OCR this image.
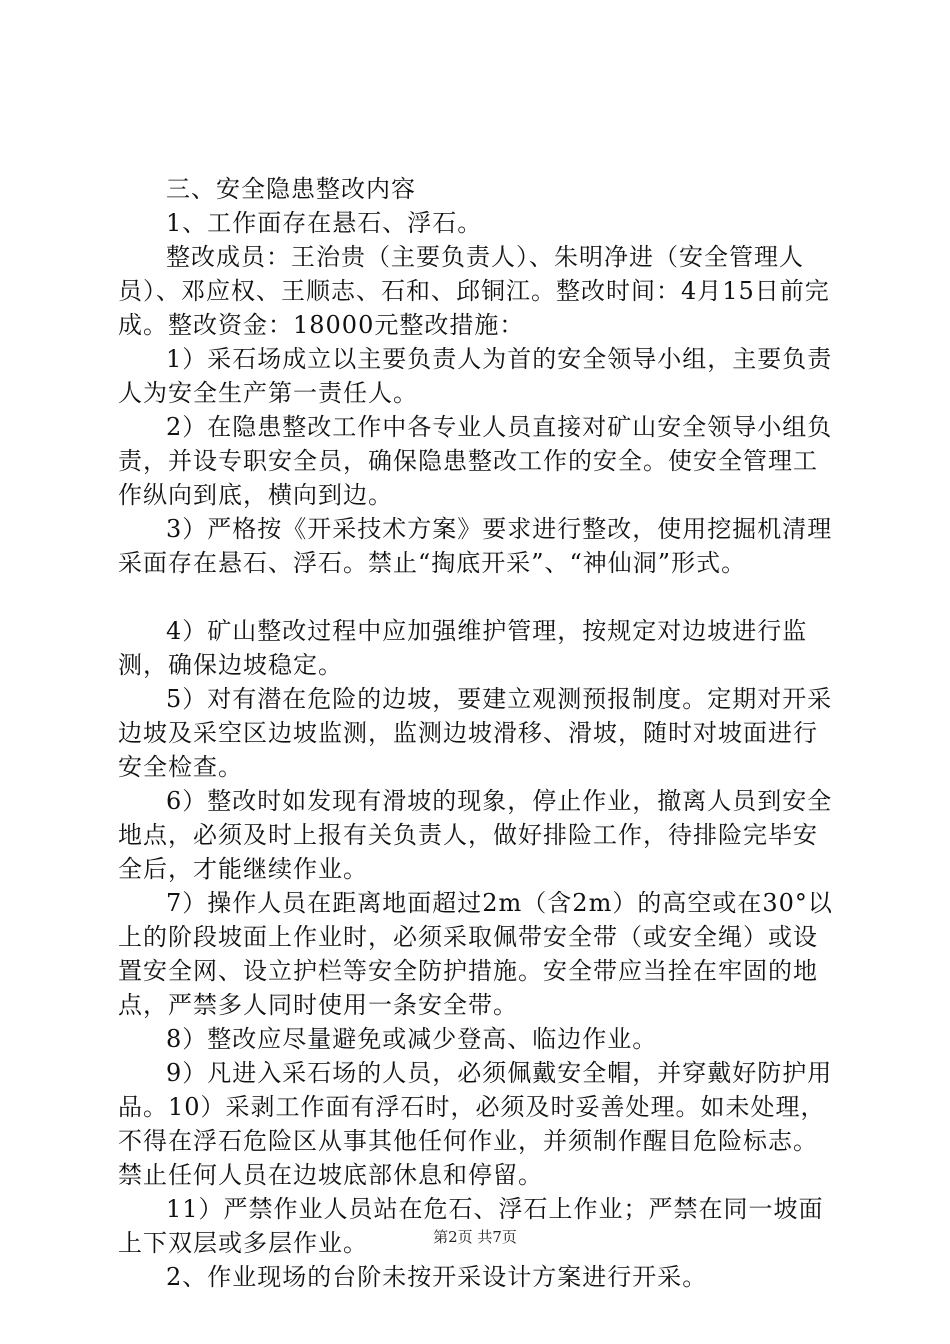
三、安全隐患整改内容

1、工作面存在悬石、浮石。

整改成员：王治贵（主要负责人）、朱明净进（安全管理人员）、邓应权、王顺志、石和、邱铜江。整改时间：4月15日前完成。整改资金：18000元整改措施：

1）采石场成立以主要负责人为首的安全领导小组，主要负责人为安全生产第一责任人。

2）在隐患整改工作中各专业人员直接对矿山安全领导小组负责，并设专职安全员，确保隐患整改工作的安全。使安全管理工作纵向到底，横向到边。

3）严格按《开采技术方案》要求进行整改，使用挖掘机清理采面存在悬石、浮石。禁止“掏底开采”、“神仙洞”形式。

4）矿山整改过程中应加强维护管理，按规定对边坡进行监测，确保边坡稳定。

5）对有潜在危险的边坡，要建立观测预报制度。定期对开采边坡及采空区边坡监测，监测边坡滑移、滑坡，随时对坡面进行安全检查。

6）整改时如发现有滑坡的现象，停止作业，撤离人员到安全地点，必须及时上报有关负责人，做好排险工作，待排险完毕安全后，才能继续作业。

7）操作人员在距离地面超过2m（含2m）的高空或在30°以上的阶段坡面上作业时，必须采取佩带安全带（或安全绳）或设置安全网、设立护栏等安全防护措施。安全带应当拴在牢固的地点，严禁多人同时使用一条安全带。

8）整改应尽量避免或减少登高、临边作业。

9）凡进入采石场的人员，必须佩戴安全帽，并穿戴好防护用品。10）采剥工作面有浮石时，必须及时妥善处理。如未处理，不得在浮石危险区从事其他任何作业，并须制作醒目危险标志。禁止任何人员在边坡底部休息和停留。

11）严禁作业人员站在危石、浮石上作业；严禁在同一坡面上下双层或多层作业。

2、作业现场的台阶未按开采设计方案进行开采。

第2页 共7页
